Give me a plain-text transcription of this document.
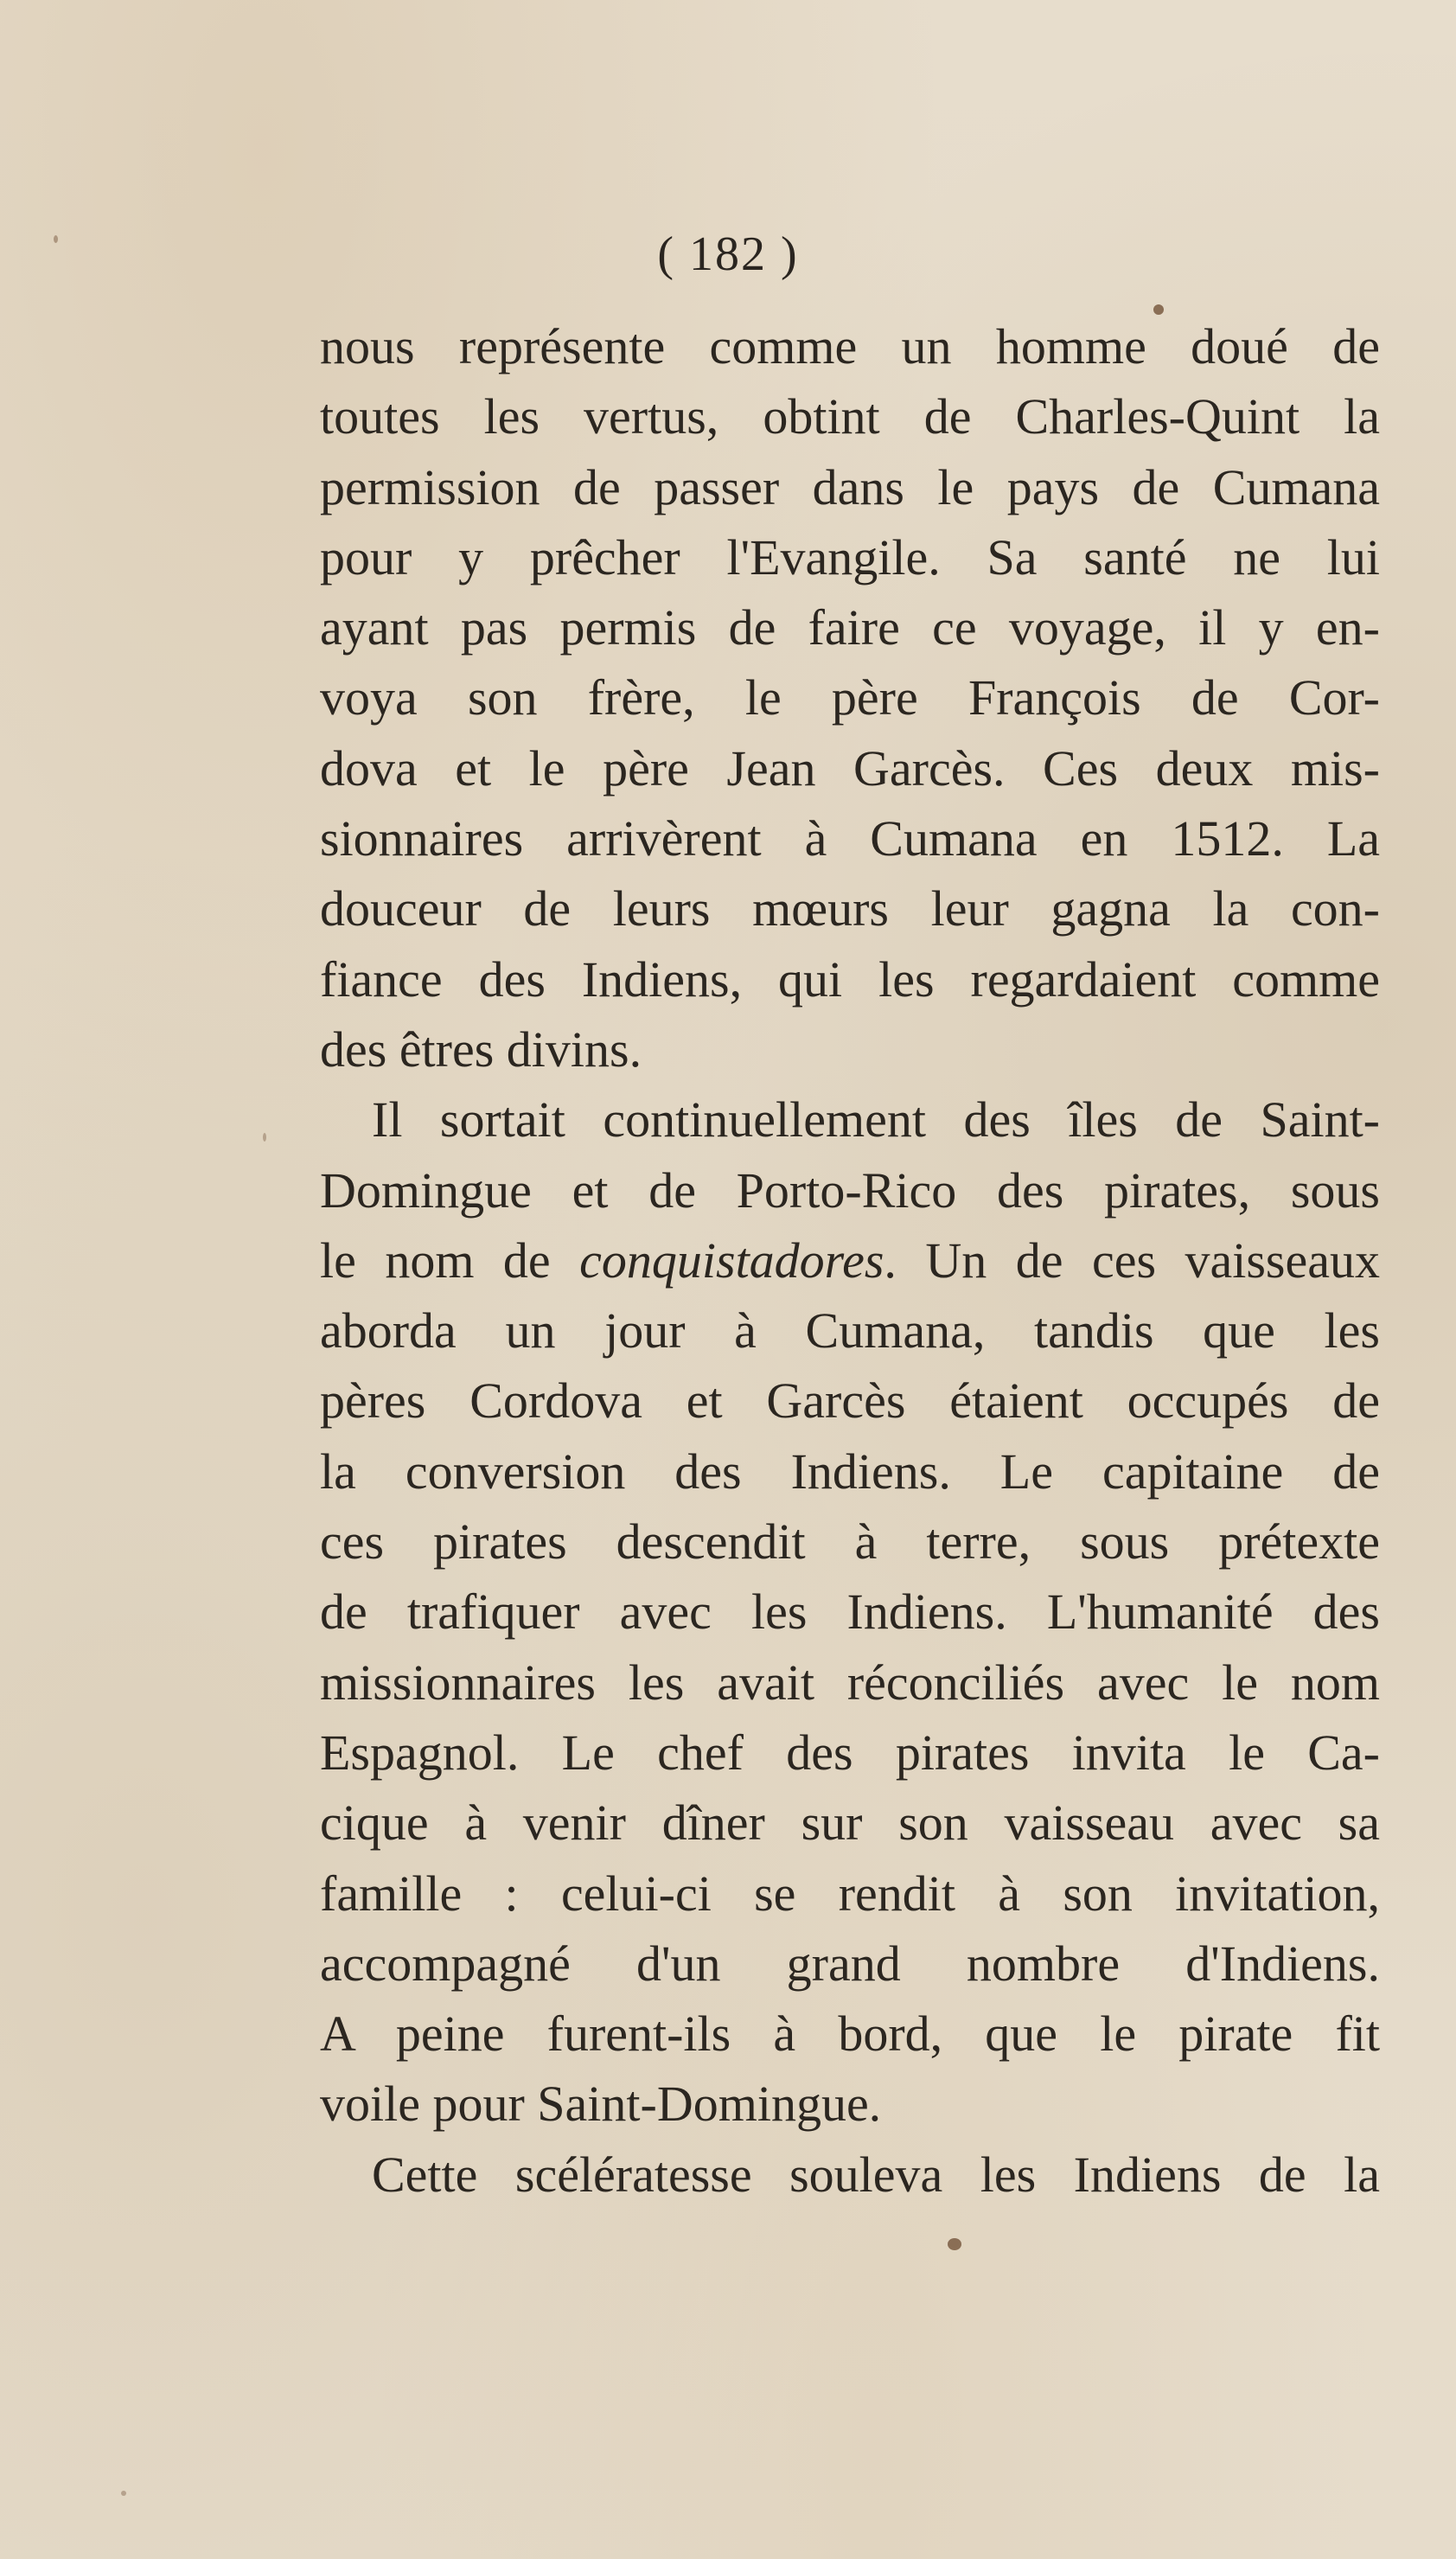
( 182 )
nous représente comme un homme doué de
toutes les vertus, obtint de Charles-Quint la
permission de passer dans le pays de Cumana
pour y prêcher l'Evangile. Sa santé ne lui
ayant pas permis de faire ce voyage, il y en-
voya son frère, le père François de Cor-
dova et le père Jean Garcès. Ces deux mis-
sionnaires arrivèrent à Cumana en 1512. La
douceur de leurs mœurs leur gagna la con-
fiance des Indiens, qui les regardaient comme
des êtres divins.
Il sortait continuellement des îles de Saint-
Domingue et de Porto-Rico des pirates, sous
le nom de conquistadores. Un de ces vaisseaux
aborda un jour à Cumana, tandis que les
pères Cordova et Garcès étaient occupés de
la conversion des Indiens. Le capitaine de
ces pirates descendit à terre, sous prétexte
de trafiquer avec les Indiens. L'humanité des
missionnaires les avait réconciliés avec le nom
Espagnol. Le chef des pirates invita le Ca-
cique à venir dîner sur son vaisseau avec sa
famille : celui-ci se rendit à son invitation,
accompagné d'un grand nombre d'Indiens.
A peine furent-ils à bord, que le pirate fit
voile pour Saint-Domingue.
Cette scélératesse souleva les Indiens de la
